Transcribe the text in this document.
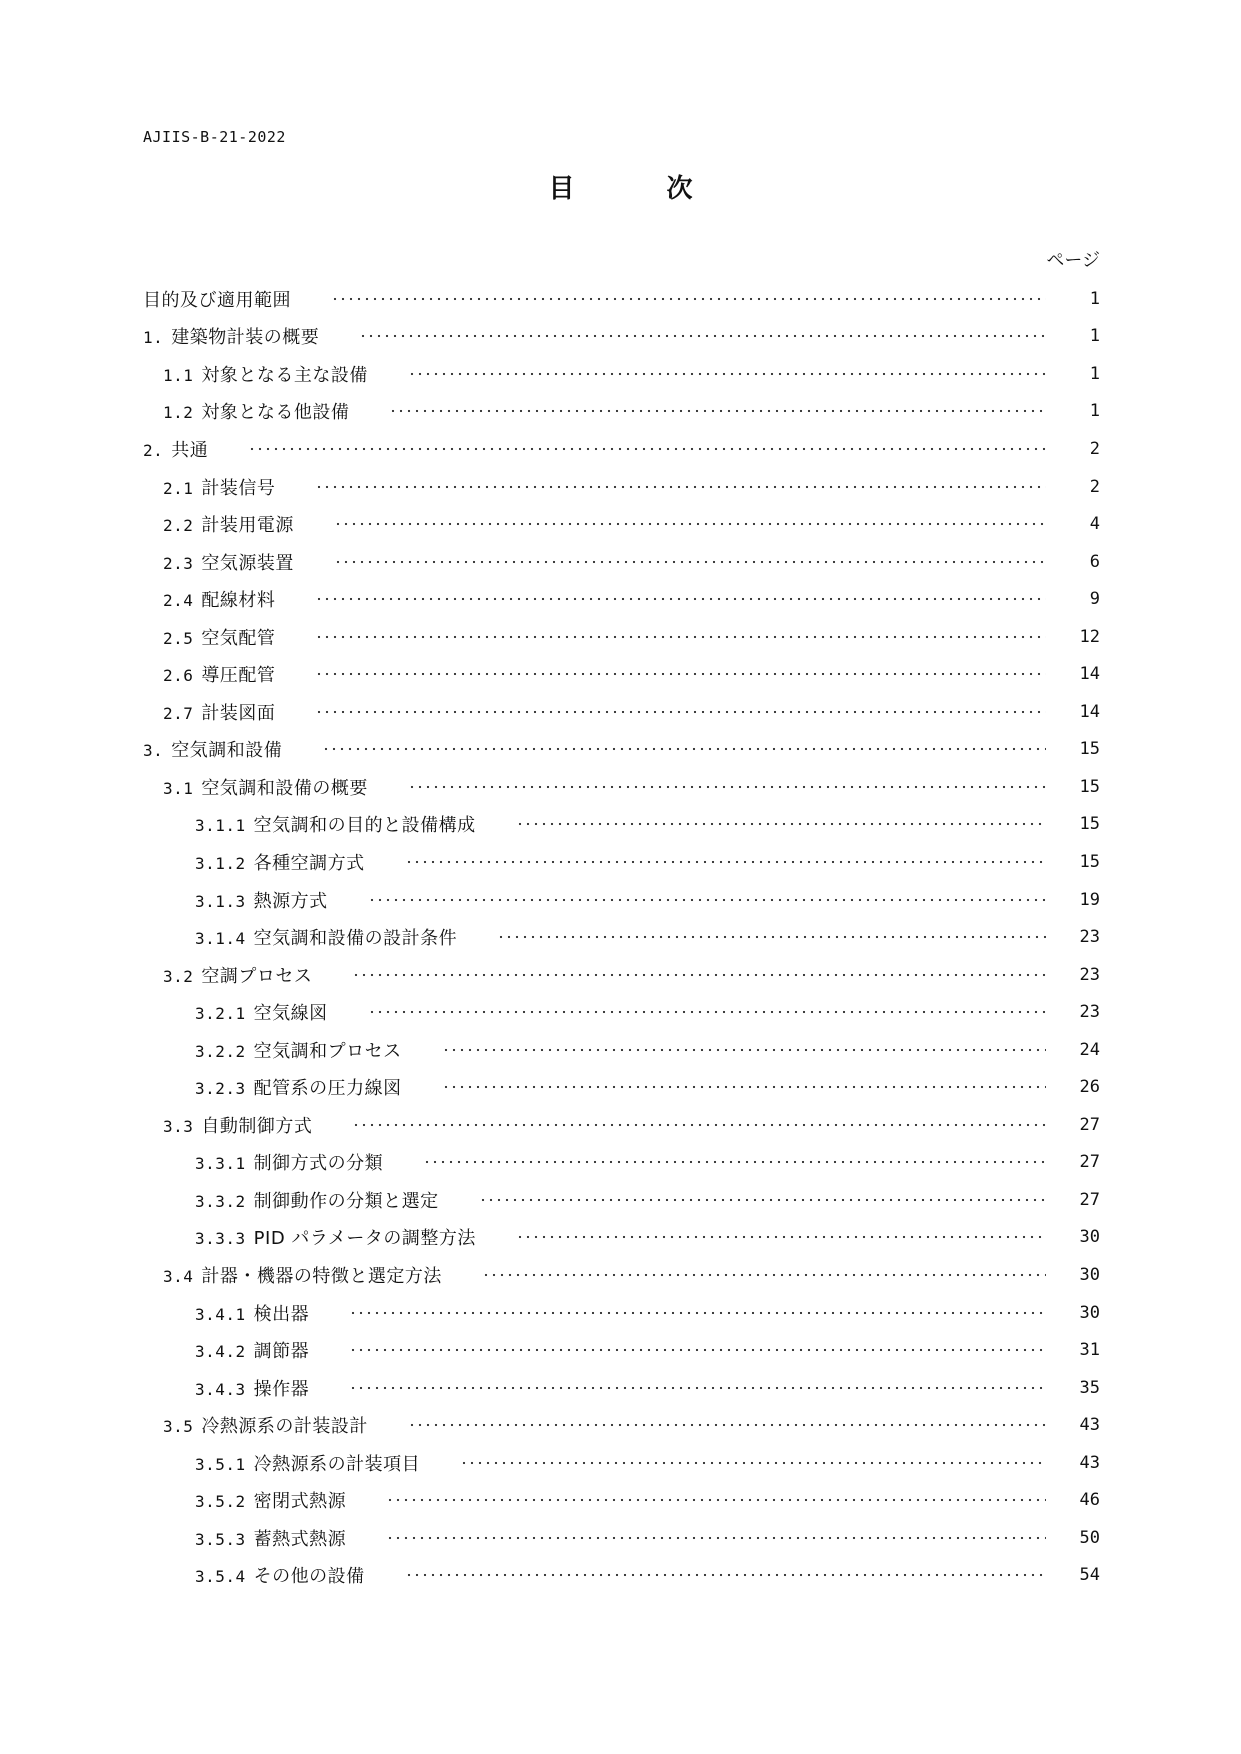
AJIIS-B-21-2022
目	次
ページ
目的及び適用範囲	1
1. 建築物計装の概要	1
1.1 対象となる主な設備	1
1.2 対象となる他設備	1
2. 共通	2
2.1 計装信号	2
2.2 計装用電源	4
2.3 空気源装置	6
2.4 配線材料	9
2.5 空気配管	12
2.6 導圧配管	14
2.7 計装図面	14
3. 空気調和設備	15
3.1 空気調和設備の概要	15
3.1.1 空気調和の目的と設備構成	15
3.1.2 各種空調方式	15
3.1.3 熱源方式	19
3.1.4 空気調和設備の設計条件	23
3.2 空調プロセス	23
3.2.1 空気線図	23
3.2.2 空気調和プロセス	24
3.2.3 配管系の圧力線図	26
3.3 自動制御方式	27
3.3.1 制御方式の分類	27
3.3.2 制御動作の分類と選定	27
3.3.3 PID パラメータの調整方法	30
3.4 計器・機器の特徴と選定方法	30
3.4.1 検出器	30
3.4.2 調節器	31
3.4.3 操作器	35
3.5 冷熱源系の計装設計	43
3.5.1 冷熱源系の計装項目	43
3.5.2 密閉式熱源	46
3.5.3 蓄熱式熱源	50
3.5.4 その他の設備	54
